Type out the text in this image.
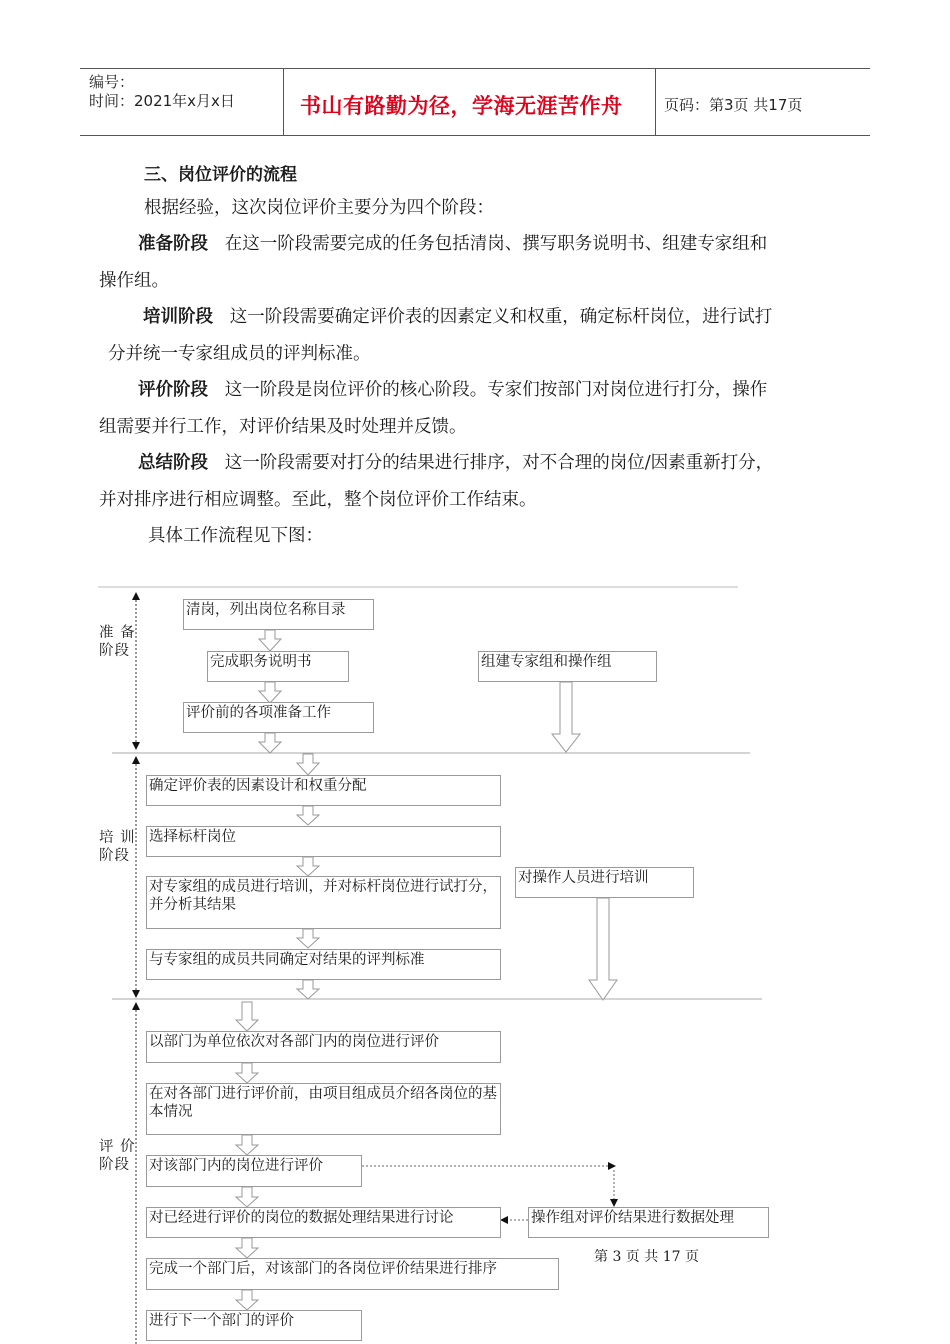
编号：
时间：2021年x月x日	书山有路勤为径，学海无涯苦作舟	页码：第3页 共17页
三、岗位评价的流程
根据经验，这次岗位评价主要分为四个阶段：
准备阶段 在这一阶段需要完成的任务包括清岗、撰写职务说明书、组建专家组和
操作组。
培训阶段 这一阶段需要确定评价表的因素定义和权重，确定标杆岗位，进行试打
分并统一专家组成员的评判标准。
评价阶段 这一阶段是岗位评价的核心阶段。专家们按部门对岗位进行打分，操作
组需要并行工作，对评价结果及时处理并反馈。
总结阶段 这一阶段需要对打分的结果进行排序，对不合理的岗位/因素重新打分，
并对排序进行相应调整。至此，整个岗位评价工作结束。
具体工作流程见下图：
准 备
阶段
培 训
阶段
评 价
阶段
清岗，列出岗位名称目录
完成职务说明书	组建专家组和操作组
评价前的各项准备工作
确定评价表的因素设计和权重分配
选择标杆岗位
对专家组的成员进行培训，并对标杆岗位进行试打分，并分析其结果
对操作人员进行培训
与专家组的成员共同确定对结果的评判标准
以部门为单位依次对各部门内的岗位进行评价
在对各部门进行评价前，由项目组成员介绍各岗位的基本情况
对该部门内的岗位进行评价
对已经进行评价的岗位的数据处理结果进行讨论	操作组对评价结果进行数据处理
完成一个部门后，对该部门的各岗位评价结果进行排序
进行下一个部门的评价
第 3 页 共 17 页
